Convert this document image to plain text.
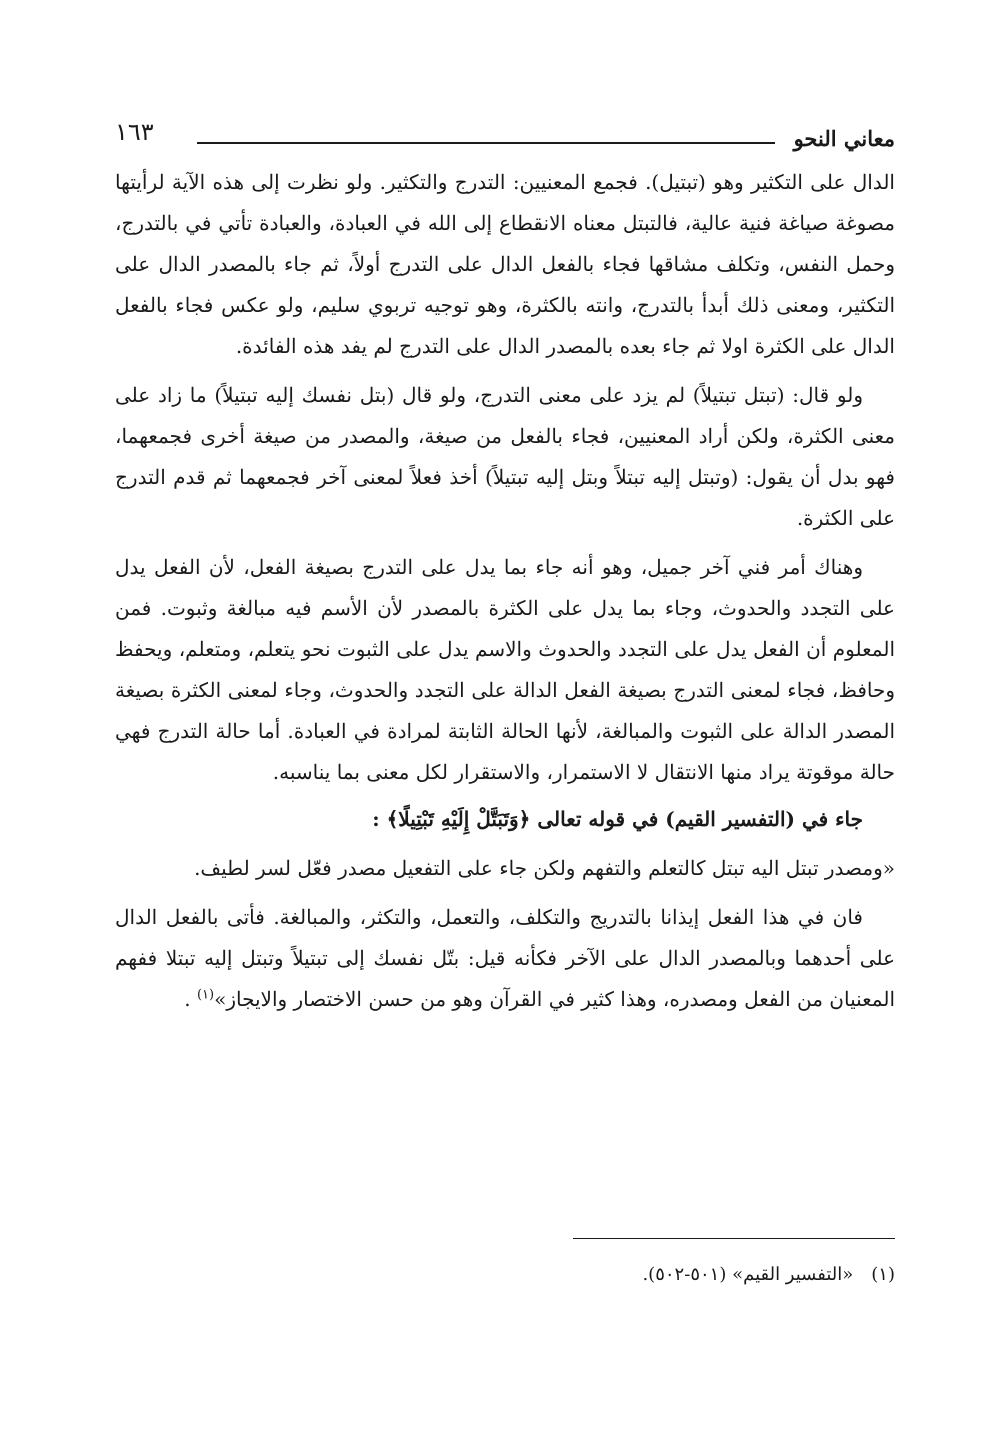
معاني النحو
١٦٣

الدال على التكثير وهو (تبتيل). فجمع المعنيين: التدرج والتكثير. ولو نظرت إلى هذه الآية لرأيتها مصوغة صياغة فنية عالية، فالتبتل معناه الانقطاع إلى الله في العبادة، والعبادة تأتي في بالتدرج، وحمل النفس، وتكلف مشاقها فجاء بالفعل الدال على التدرج أولاً، ثم جاء بالمصدر الدال على التكثير، ومعنى ذلك أبدأ بالتدرج، وانته بالكثرة، وهو توجيه تربوي سليم، ولو عكس فجاء بالفعل الدال على الكثرة اولا ثم جاء بعده بالمصدر الدال على التدرج لم يفد هذه الفائدة.

ولو قال: (تبتل تبتيلاً) لم يزد على معنى التدرج، ولو قال (بتل نفسك إليه تبتيلاً) ما زاد على معنى الكثرة، ولكن أراد المعنيين، فجاء بالفعل من صيغة، والمصدر من صيغة أخرى فجمعهما، فهو بدل أن يقول: (وتبتل إليه تبتلاً وبتل إليه تبتيلاً) أخذ فعلاً لمعنى آخر فجمعهما ثم قدم التدرج على الكثرة.

وهناك أمر فني آخر جميل، وهو أنه جاء بما يدل على التدرج بصيغة الفعل، لأن الفعل يدل على التجدد والحدوث، وجاء بما يدل على الكثرة بالمصدر لأن الأسم فيه مبالغة وثبوت. فمن المعلوم أن الفعل يدل على التجدد والحدوث والاسم يدل على الثبوت نحو يتعلم، ومتعلم، ويحفظ وحافظ، فجاء لمعنى التدرج بصيغة الفعل الدالة على التجدد والحدوث، وجاء لمعنى الكثرة بصيغة المصدر الدالة على الثبوت والمبالغة، لأنها الحالة الثابتة لمرادة في العبادة. أما حالة التدرج فهي حالة موقوتة يراد منها الانتقال لا الاستمرار، والاستقرار لكل معنى بما يناسبه.

جاء في (التفسير القيم) في قوله تعالى ﴿وَتَبَتَّلْ إِلَيْهِ تَبْتِيلًا﴾ :

«ومصدر تبتل اليه تبتل كالتعلم والتفهم ولكن جاء على التفعيل مصدر فعّل لسر لطيف.

فان في هذا الفعل إيذانا بالتدريج والتكلف، والتعمل، والتكثر، والمبالغة. فأتى بالفعل الدال على أحدهما وبالمصدر الدال على الآخر فكأنه قيل: بتّل نفسك إلى تبتيلاً وتبتل إليه تبتلا ففهم المعنيان من الفعل ومصدره، وهذا كثير في القرآن وهو من حسن الاختصار والايجاز»$^{(١)}$ .

(١)«التفسير القيم» (٥٠١-٥٠٢).
